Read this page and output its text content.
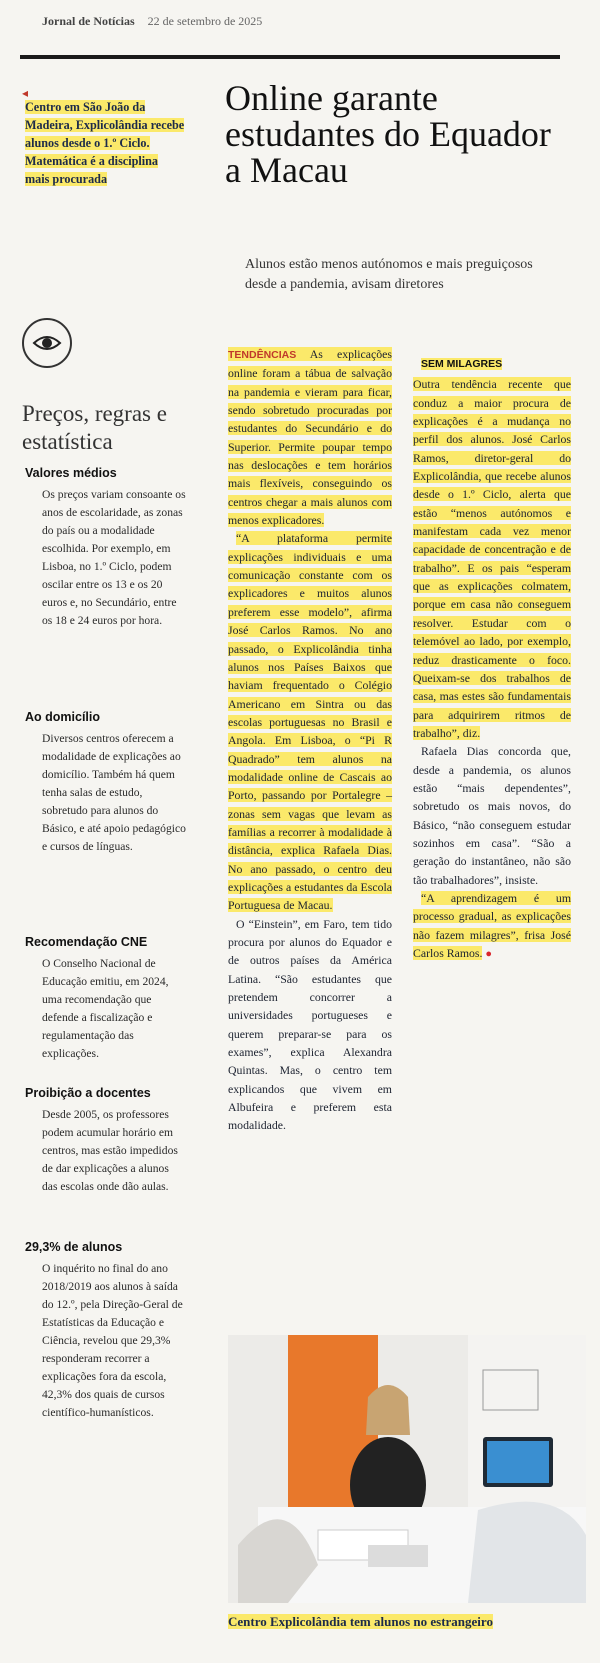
Jornal de Notícias 22 de setembro de 2025
◂
Centro em São João da Madeira, Explicolândia recebe alunos desde o 1.º Ciclo. Matemática é a disciplina mais procurada
Online garante estudantes do Equador a Macau
Alunos estão menos autónomos e mais preguiçosos desde a pandemia, avisam diretores
Preços, regras e estatística
Valores médios
Os preços variam consoante os anos de escolaridade, as zonas do país ou a modalidade escolhida. Por exemplo, em Lisboa, no 1.º Ciclo, podem oscilar entre os 13 e os 20 euros e, no Secundário, entre os 18 e 24 euros por hora.
Ao domicílio
Diversos centros oferecem a modalidade de explicações ao domicílio. Também há quem tenha salas de estudo, sobretudo para alunos do Básico, e até apoio pedagógico e cursos de línguas.
Recomendação CNE
O Conselho Nacional de Educação emitiu, em 2024, uma recomendação que defende a fiscalização e regulamentação das explicações.
Proibição a docentes
Desde 2005, os professores podem acumular horário em centros, mas estão impedidos de dar explicações a alunos das escolas onde dão aulas.
29,3% de alunos
O inquérito no final do ano 2018/2019 aos alunos à saída do 12.º, pela Direção-Geral de Estatísticas da Educação e Ciência, revelou que 29,3% responderam recorrer a explicações fora da escola, 42,3% dos quais de cursos científico-humanísticos.

TENDÊNCIAS As explicações online foram a tábua de salvação na pandemia e vieram para ficar, sendo sobretudo procuradas por estudantes do Secundário e do Superior. Permite poupar tempo nas deslocações e tem horários mais flexíveis, conseguindo os centros chegar a mais alunos com menos explicadores.

“A plataforma permite explicações individuais e uma comunicação constante com os explicadores e muitos alunos preferem esse modelo”, afirma José Carlos Ramos. No ano passado, o Explicolândia tinha alunos nos Países Baixos que haviam frequentado o Colégio Americano em Sintra ou das escolas portuguesas no Brasil e Angola. Em Lisboa, o “Pi R Quadrado” tem alunos na modalidade online de Cascais ao Porto, passando por Portalegre – zonas sem vagas que levam as famílias a recorrer à modalidade à distância, explica Rafaela Dias. No ano passado, o centro deu explicações a estudantes da Escola Portuguesa de Macau.

O “Einstein”, em Faro, tem tido procura por alunos do Equador e de outros países da América Latina. “São estudantes que pretendem concorrer a universidades portugueses e querem preparar-se para os exames”, explica Alexandra Quintas. Mas, o centro tem explicandos que vivem em Albufeira e preferem esta modalidade.

SEM MILAGRES

Outra tendência recente que conduz a maior procura de explicações é a mudança no perfil dos alunos. José Carlos Ramos, diretor-geral do Explicolândia, que recebe alunos desde o 1.º Ciclo, alerta que estão “menos autónomos e manifestam cada vez menor capacidade de concentração e de trabalho”. E os pais “esperam que as explicações colmatem, porque em casa não conseguem resolver. Estudar com o telemóvel ao lado, por exemplo, reduz drasticamente o foco. Queixam-se dos trabalhos de casa, mas estes são fundamentais para adquirirem ritmos de trabalho”, diz.

Rafaela Dias concorda que, desde a pandemia, os alunos estão “mais dependentes”, sobretudo os mais novos, do Básico, “não conseguem estudar sozinhos em casa”. “São a geração do instantâneo, não são tão trabalhadores”, insiste.

“A aprendizagem é um processo gradual, as explicações não fazem milagres”, frisa José Carlos Ramos. ●

Centro Explicolândia tem alunos no estrangeiro
